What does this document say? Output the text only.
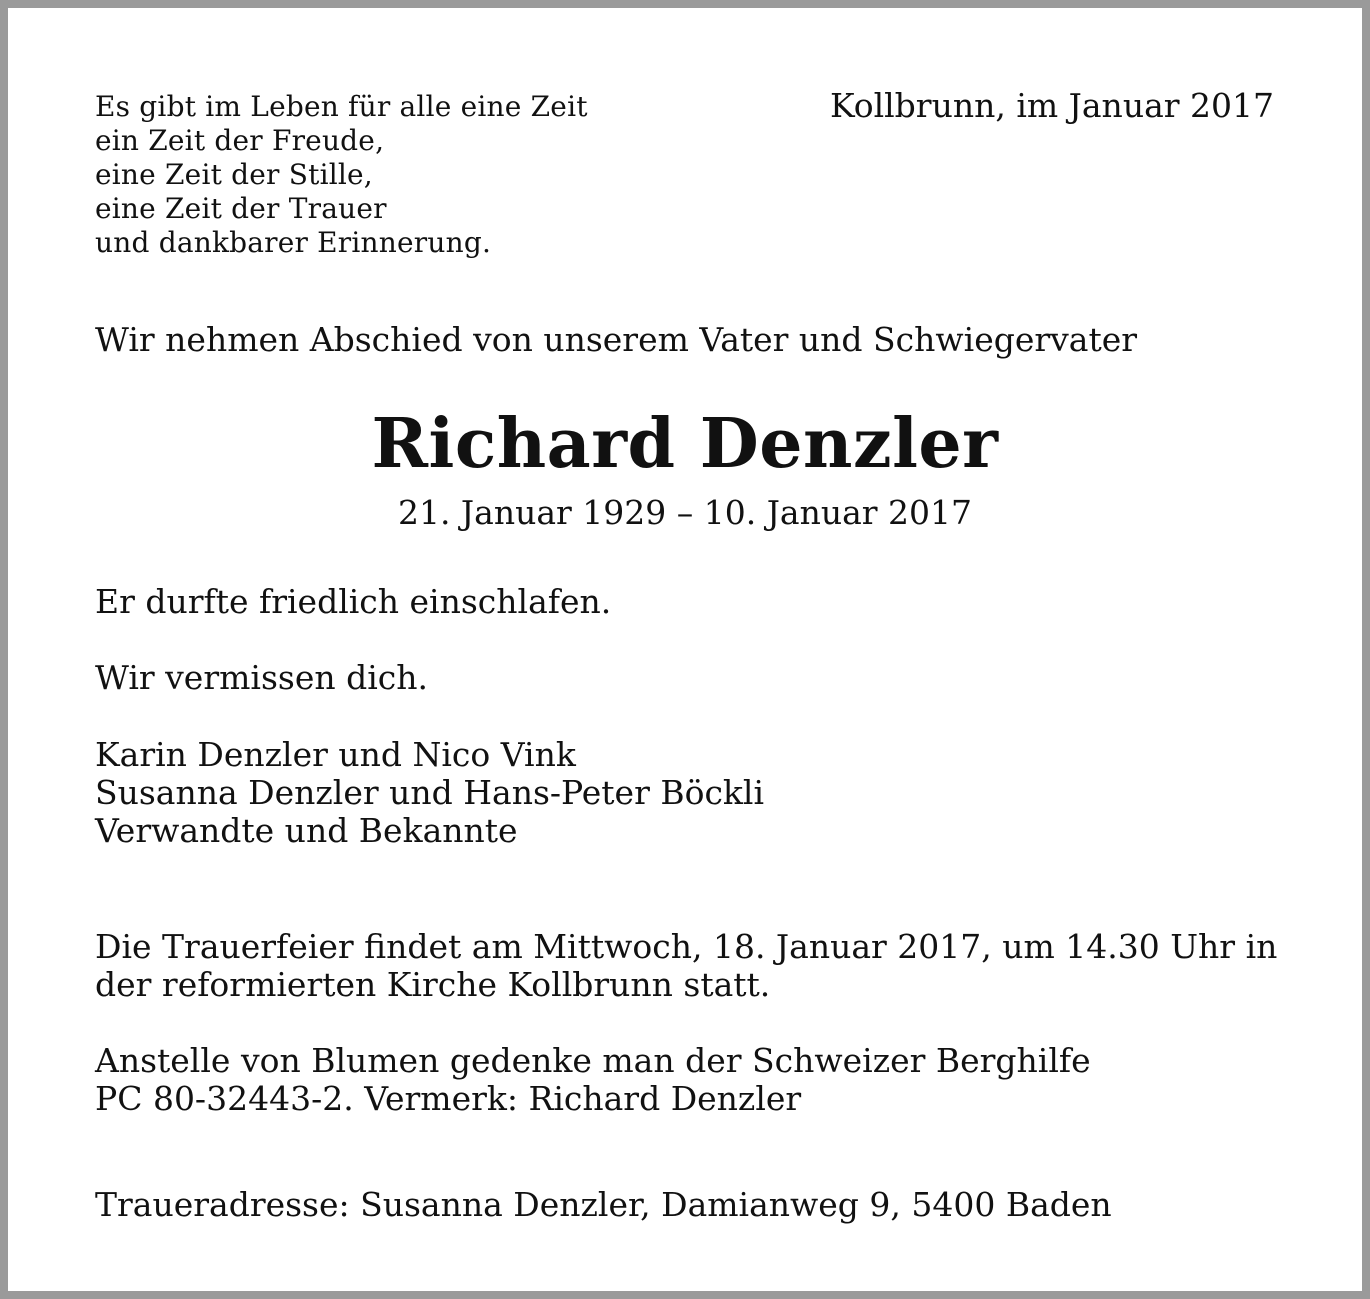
Es gibt im Leben für alle eine Zeit
ein Zeit der Freude,
eine Zeit der Stille,
eine Zeit der Trauer
und dankbarer Erinnerung.
Kollbrunn, im Januar 2017
Wir nehmen Abschied von unserem Vater und Schwiegervater
Richard Denzler
21. Januar 1929 – 10. Januar 2017
Er durfte friedlich einschlafen.
Wir vermissen dich.
Karin Denzler und Nico Vink
Susanna Denzler und Hans-Peter Böckli
Verwandte und Bekannte
Die Trauerfeier findet am Mittwoch, 18. Januar 2017, um 14.30 Uhr in
der reformierten Kirche Kollbrunn statt.
Anstelle von Blumen gedenke man der Schweizer Berghilfe
PC 80-32443-2. Vermerk: Richard Denzler
Traueradresse: Susanna Denzler, Damianweg 9, 5400 Baden
